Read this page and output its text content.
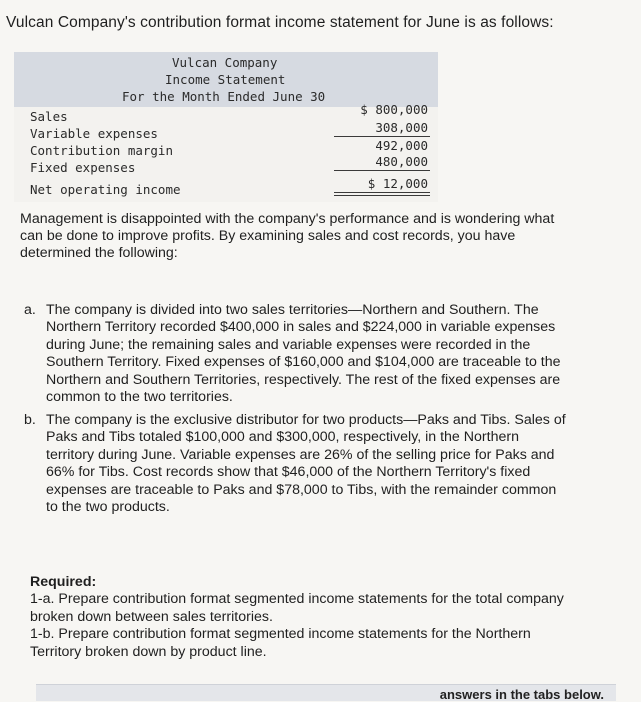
Vulcan Company's contribution format income statement for June is as follows:
Vulcan Company
Income Statement
For the Month Ended June 30
Sales	$ 800,000
Variable expenses	308,000
Contribution margin	492,000
Fixed expenses	480,000
Net operating income	$ 12,000
Management is disappointed with the company's performance and is wondering what
can be done to improve profits. By examining sales and cost records, you have
determined the following:
a. The company is divided into two sales territories—Northern and Southern. The
Northern Territory recorded $400,000 in sales and $224,000 in variable expenses
during June; the remaining sales and variable expenses were recorded in the
Southern Territory. Fixed expenses of $160,000 and $104,000 are traceable to the
Northern and Southern Territories, respectively. The rest of the fixed expenses are
common to the two territories.
b. The company is the exclusive distributor for two products—Paks and Tibs. Sales of
Paks and Tibs totaled $100,000 and $300,000, respectively, in the Northern
territory during June. Variable expenses are 26% of the selling price for Paks and
66% for Tibs. Cost records show that $46,000 of the Northern Territory's fixed
expenses are traceable to Paks and $78,000 to Tibs, with the remainder common
to the two products.
Required:
1-a. Prepare contribution format segmented income statements for the total company
broken down between sales territories.
1-b. Prepare contribution format segmented income statements for the Northern
Territory broken down by product line.
answers in the tabs below.
